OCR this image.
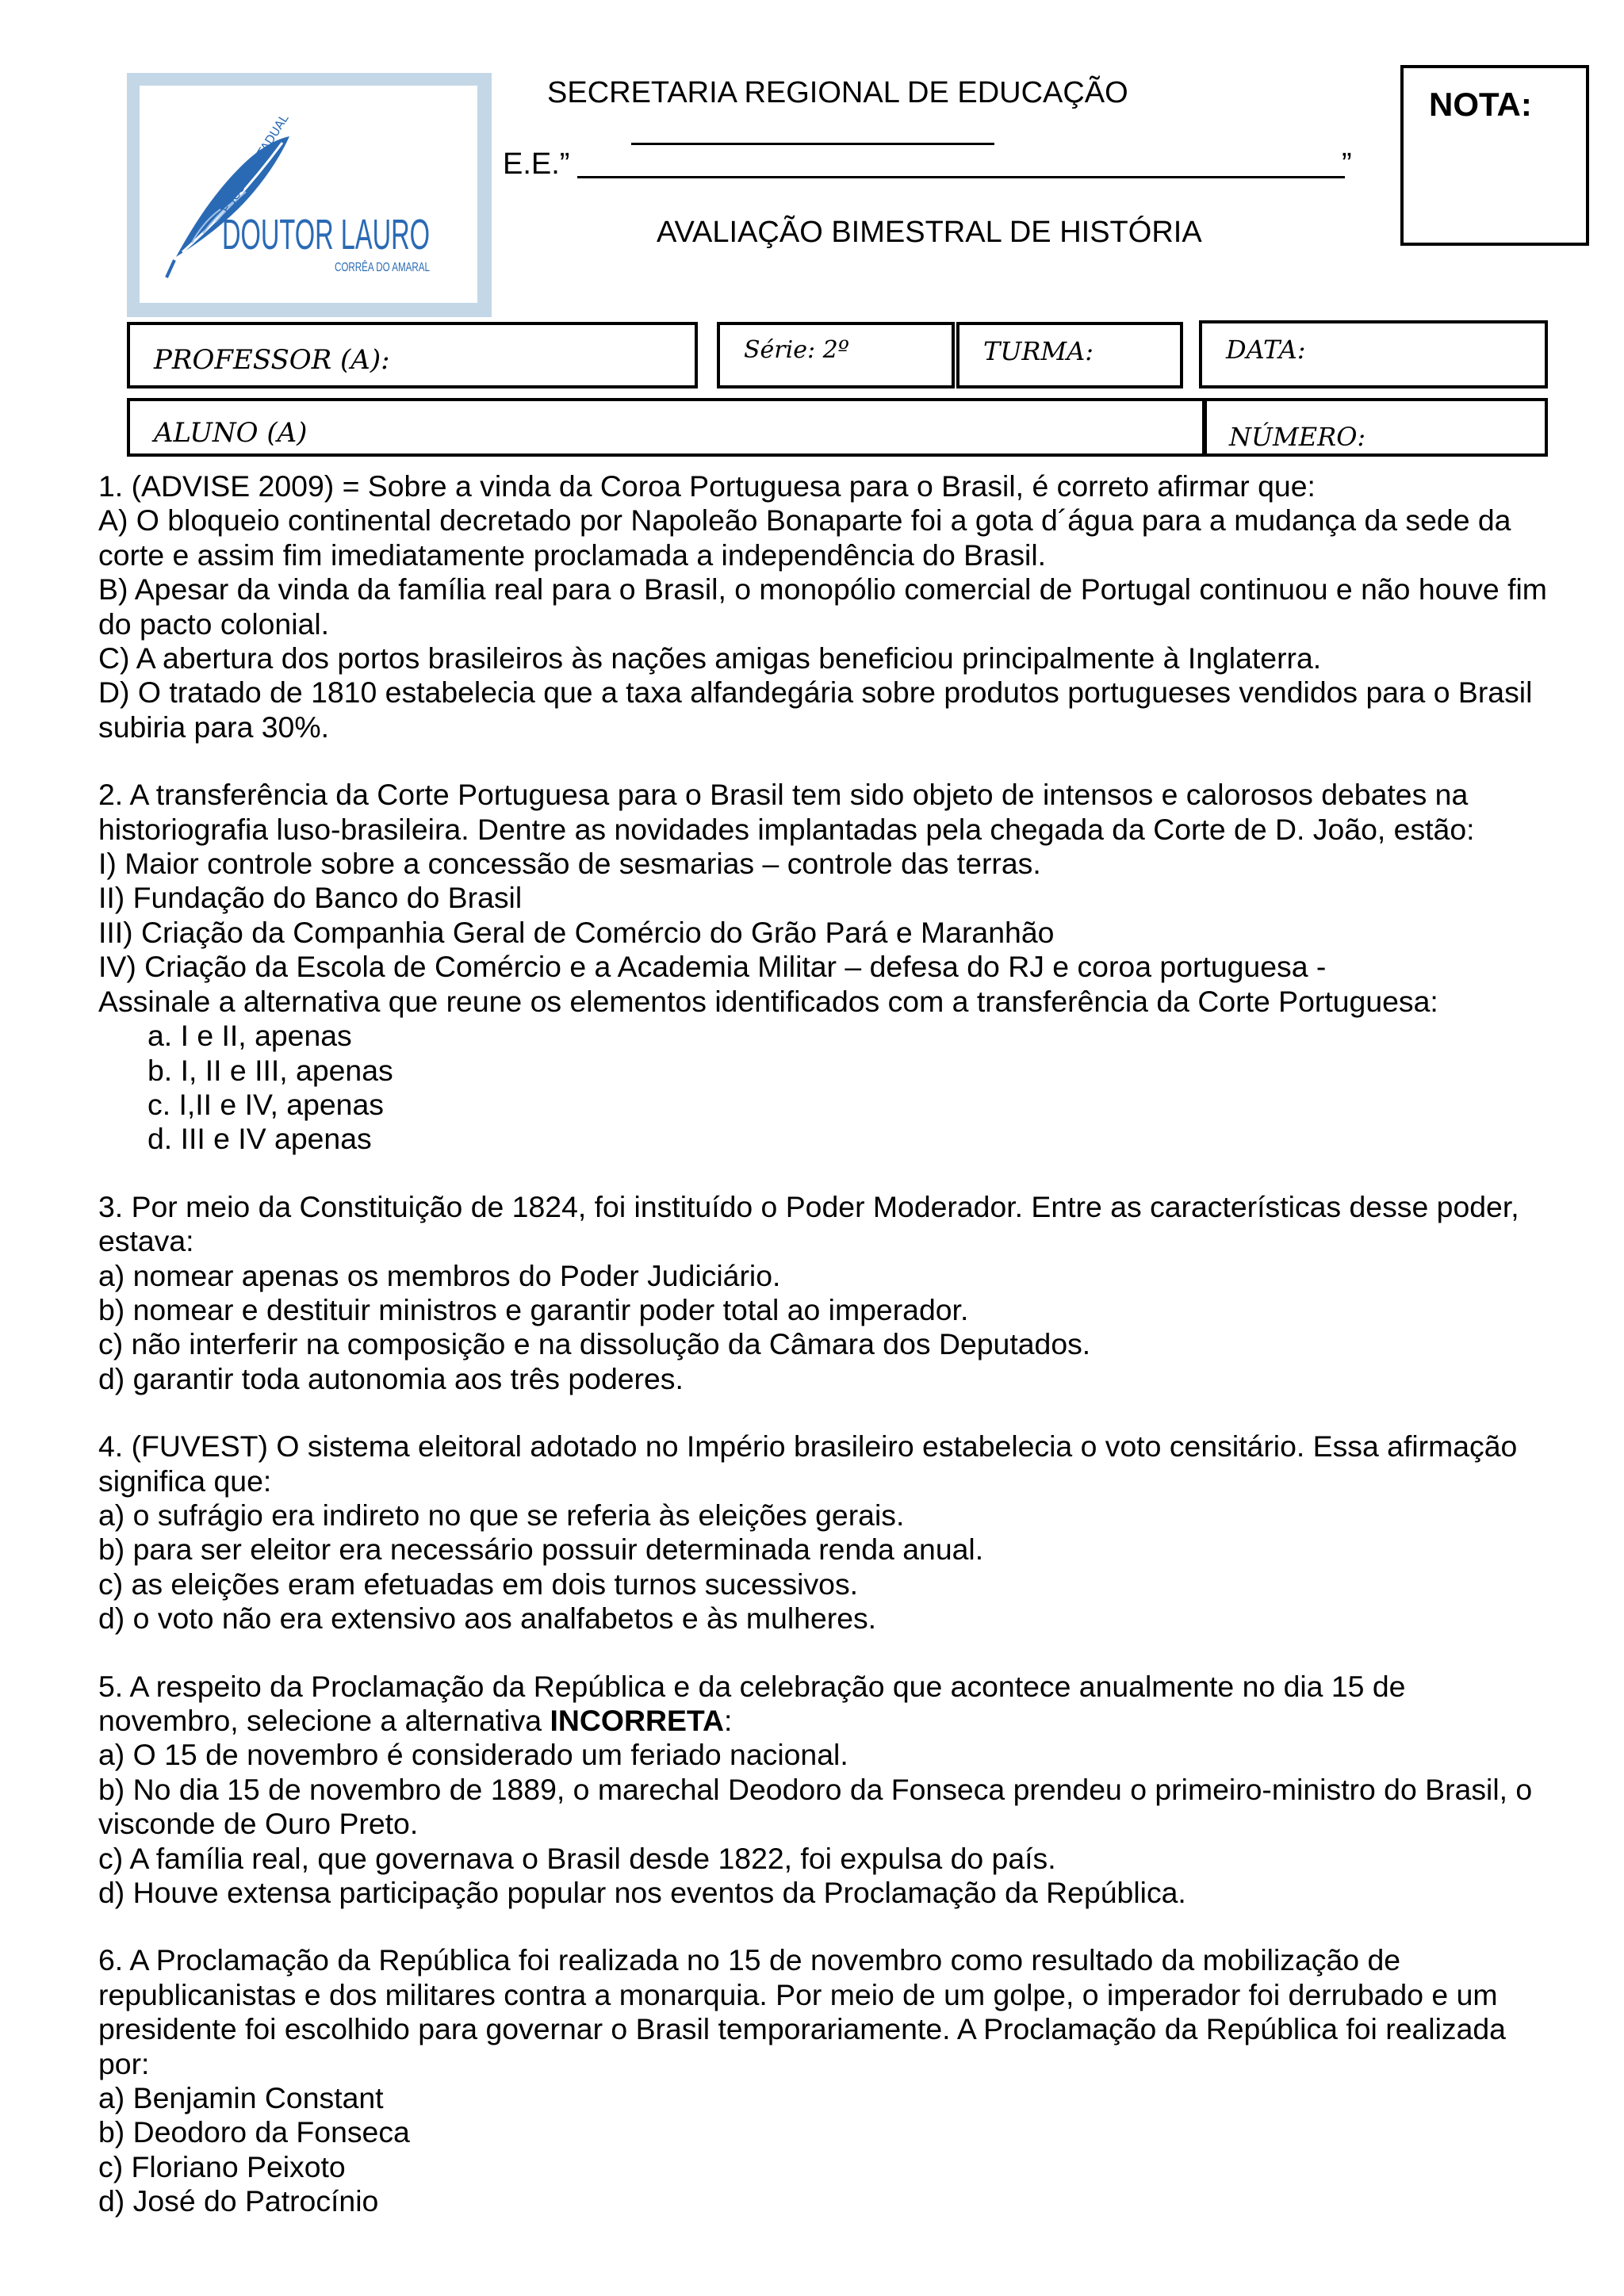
ESCOLA ESTADUAL
DOUTOR LAURO
CORRÊA DO AMARAL
SECRETARIA REGIONAL DE EDUCAÇÃO
E.E.”	”
AVALIAÇÃO BIMESTRAL DE HISTÓRIA
NOTA:
PROFESSOR (A):	Série: 2º	TURMA:	DATA:
ALUNO (A)	NÚMERO:

1. (ADVISE 2009) = Sobre a vinda da Coroa Portuguesa para o Brasil, é correto afirmar que:

A) O bloqueio continental decretado por Napoleão Bonaparte foi a gota d´água para a mudança da sede da corte e assim fim imediatamente proclamada a independência do Brasil.

B) Apesar da vinda da família real para o Brasil, o monopólio comercial de Portugal continuou e não houve fim do pacto colonial.

C) A abertura dos portos brasileiros às nações amigas beneficiou principalmente à Inglaterra.

D) O tratado de 1810 estabelecia que a taxa alfandegária sobre produtos portugueses vendidos para o Brasil subiria para 30%.

2. A transferência da Corte Portuguesa para o Brasil tem sido objeto de intensos e calorosos debates na historiografia luso-brasileira. Dentre as novidades implantadas pela chegada da Corte de D. João, estão:

I) Maior controle sobre a concessão de sesmarias – controle das terras.

II) Fundação do Banco do Brasil

III) Criação da Companhia Geral de Comércio do Grão Pará e Maranhão

IV) Criação da Escola de Comércio e a Academia Militar – defesa do RJ e coroa portuguesa -

Assinale a alternativa que reune os elementos identificados com a transferência da Corte Portuguesa:

a. I e II, apenas

b. I, II e III, apenas

c. I,II e IV, apenas

d. III e IV apenas

3. Por meio da Constituição de 1824, foi instituído o Poder Moderador. Entre as características desse poder, estava:

a) nomear apenas os membros do Poder Judiciário.

b) nomear e destituir ministros e garantir poder total ao imperador.

c) não interferir na composição e na dissolução da Câmara dos Deputados.

d) garantir toda autonomia aos três poderes.

4. (FUVEST) O sistema eleitoral adotado no Império brasileiro estabelecia o voto censitário. Essa afirmação significa que:

a) o sufrágio era indireto no que se referia às eleições gerais.

b) para ser eleitor era necessário possuir determinada renda anual.

c) as eleições eram efetuadas em dois turnos sucessivos.

d) o voto não era extensivo aos analfabetos e às mulheres.

5. A respeito da Proclamação da República e da celebração que acontece anualmente no dia 15 de novembro, selecione a alternativa INCORRETA:

a) O 15 de novembro é considerado um feriado nacional.

b) No dia 15 de novembro de 1889, o marechal Deodoro da Fonseca prendeu o primeiro-ministro do Brasil, o visconde de Ouro Preto.

c) A família real, que governava o Brasil desde 1822, foi expulsa do país.

d) Houve extensa participação popular nos eventos da Proclamação da República.

6. A Proclamação da República foi realizada no 15 de novembro como resultado da mobilização de republicanistas e dos militares contra a monarquia. Por meio de um golpe, o imperador foi derrubado e um presidente foi escolhido para governar o Brasil temporariamente. A Proclamação da República foi realizada por:

a) Benjamin Constant

b) Deodoro da Fonseca

c) Floriano Peixoto

d) José do Patrocínio
